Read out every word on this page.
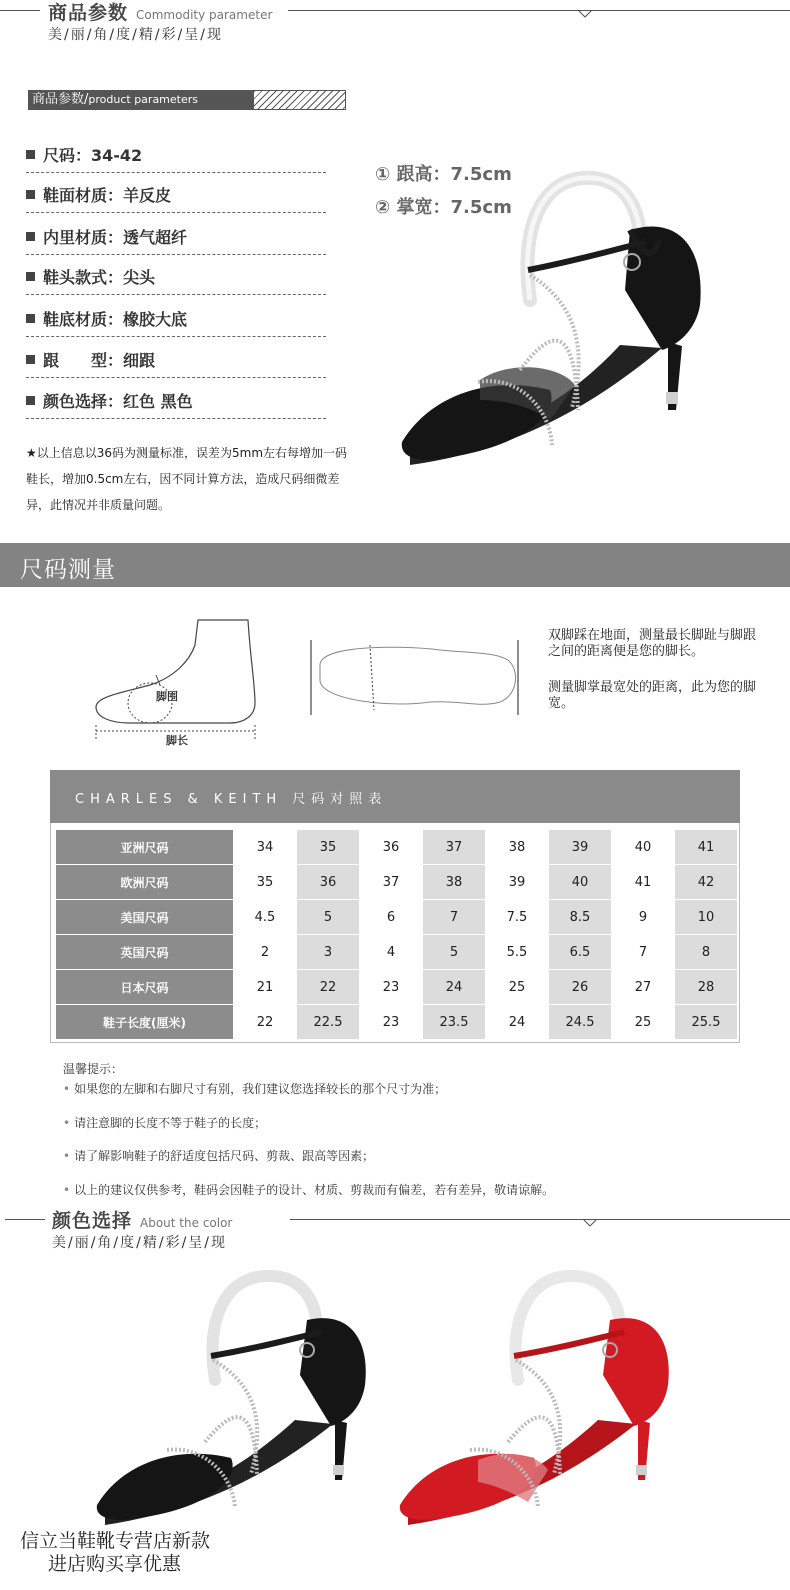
商品参数 Commodity parameter
美/丽/角/度/精/彩/呈/现
商品参数/product parameters
尺码：34-42
鞋面材质：羊反皮
内里材质：透气超纤
鞋头款式：尖头
鞋底材质：橡胶大底
跟　　型：细跟
颜色选择：红色 黑色
★以上信息以36码为测量标准，误差为5mm左右每增加一码鞋长，增加0.5cm左右，因不同计算方法，造成尺码细微差异，此情况并非质量问题。
① 跟高：7.5cm
② 掌宽：7.5cm
尺码测量
脚围
脚长
双脚踩在地面，测量最长脚趾与脚跟之间的距离便是您的脚长。
测量脚掌最宽处的距离，此为您的脚宽。
CHARLES & KEITH 尺码对照表
亚洲尺码	34	35	36	37	38	39	40	41
欧洲尺码	35	36	37	38	39	40	41	42
美国尺码	4.5	5	6	7	7.5	8.5	9	10
英国尺码	2	3	4	5	5.5	6.5	7	8
日本尺码	21	22	23	24	25	26	27	28
鞋子长度(厘米)	22	22.5	23	23.5	24	24.5	25	25.5
温馨提示：
• 如果您的左脚和右脚尺寸有别，我们建议您选择较长的那个尺寸为准；
• 请注意脚的长度不等于鞋子的长度；
• 请了解影响鞋子的舒适度包括尺码、剪裁、跟高等因素；
• 以上的建议仅供参考，鞋码会因鞋子的设计、材质、剪裁而有偏差，若有差异，敬请谅解。
颜色选择 About the color
美/丽/角/度/精/彩/呈/现
信立当鞋靴专营店新款
进店购买享优惠
